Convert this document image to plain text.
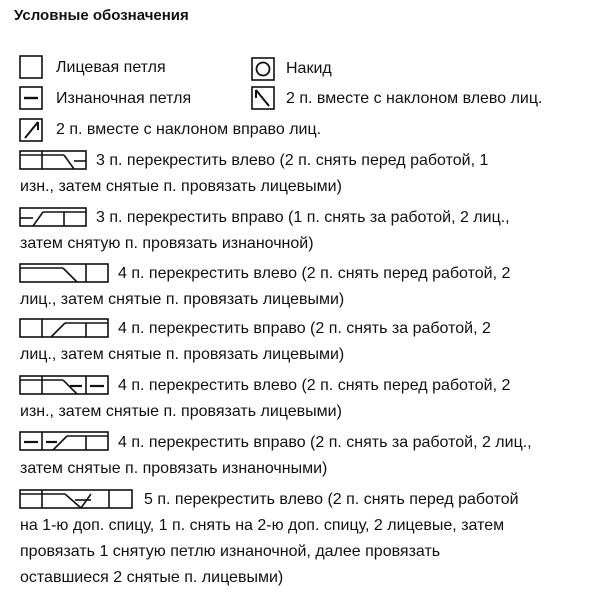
Условные обозначения
Лицевая петля	Накид
Изнаночная петля	2 п. вместе с наклоном влево лиц.
2 п. вместе с наклоном вправо лиц.
3 п. перекрестить влево (2 п. снять перед работой, 1
изн., затем снятые п. провязать лицевыми)
3 п. перекрестить вправо (1 п. снять за работой, 2 лиц.,
затем снятую п. провязать изнаночной)
4 п. перекрестить влево (2 п. снять перед работой, 2
лиц., затем снятые п. провязать лицевыми)
4 п. перекрестить вправо (2 п. снять за работой, 2
лиц., затем снятые п. провязать лицевыми)
4 п. перекрестить влево (2 п. снять перед работой, 2
изн., затем снятые п. провязать лицевыми)
4 п. перекрестить вправо (2 п. снять за работой, 2 лиц.,
затем снятые п. провязать изнаночными)
5 п. перекрестить влево (2 п. снять перед работой
на 1-ю доп. спицу, 1 п. снять на 2-ю доп. спицу, 2 лицевые, затем
провязать 1 снятую петлю изнаночной, далее провязать
оставшиеся 2 снятые п. лицевыми)
